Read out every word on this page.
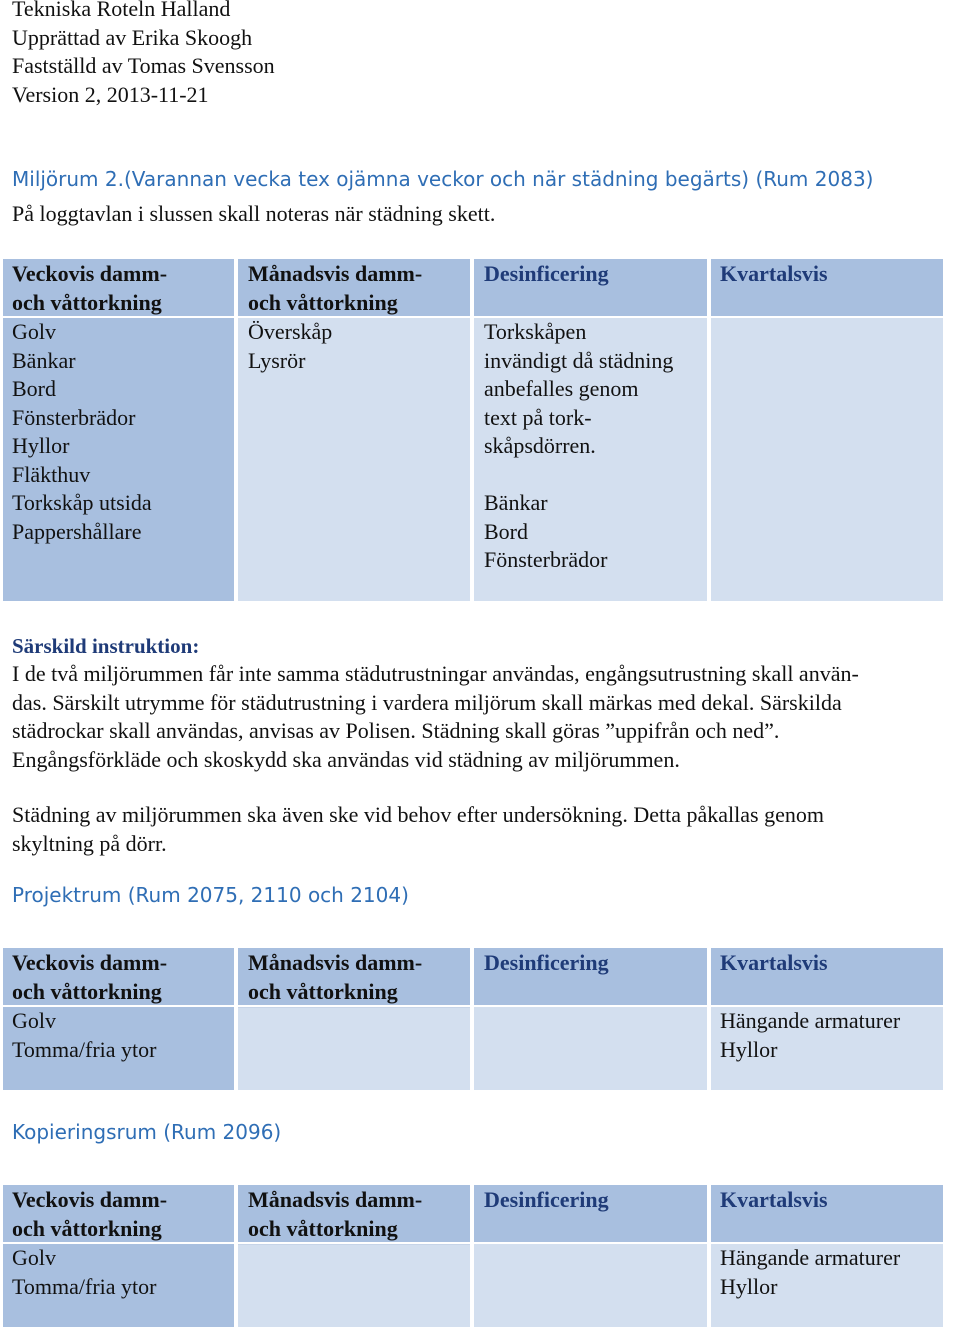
Tekniska Roteln Halland
Upprättad av Erika Skoogh
Fastställd av Tomas Svensson
Version 2, 2013-11-21
Miljörum 2.(Varannan vecka tex ojämna veckor och när städning begärts) (Rum 2083)
På loggtavlan i slussen skall noteras när städning skett.
Veckovis damm-
och våttorkning
Golv
Bänkar
Bord
Fönsterbrädor
Hyllor
Fläkthuv
Torkskåp utsida
Pappershållare
Månadsvis damm-
och våttorkning
Överskåp
Lysrör
Desinficering
Torkskåpen
invändigt då städning
anbefalles genom
text på tork-
skåpsdörren.
Bänkar
Bord
Fönsterbrädor
Kvartalsvis
Särskild instruktion:
I de två miljörummen får inte samma städutrustningar användas, engångsutrustning skall använ-
das. Särskilt utrymme för städutrustning i vardera miljörum skall märkas med dekal. Särskilda
städrockar skall användas, anvisas av Polisen. Städning skall göras ”uppifrån och ned”.
Engångsförkläde och skoskydd ska användas vid städning av miljörummen.
Städning av miljörummen ska även ske vid behov efter undersökning. Detta påkallas genom
skyltning på dörr.
Projektrum (Rum 2075, 2110 och 2104)
Veckovis damm-
och våttorkning
Golv
Tomma/fria ytor
Månadsvis damm-
och våttorkning
Desinficering	Kvartalsvis
Hängande armaturer
Hyllor
Kopieringsrum (Rum 2096)
Veckovis damm-
och våttorkning
Golv
Tomma/fria ytor
Månadsvis damm-
och våttorkning
Desinficering	Kvartalsvis
Hängande armaturer
Hyllor
